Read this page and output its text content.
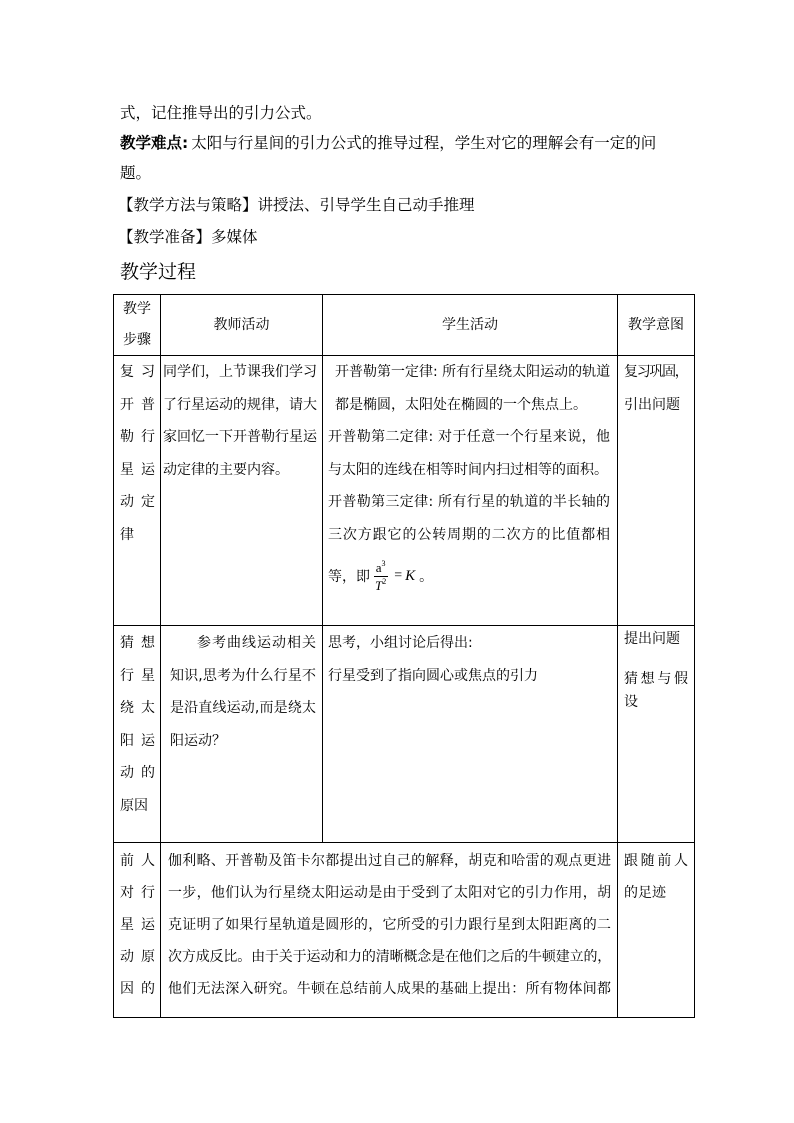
式，记住推导出的引力公式。
教学难点: 太阳与行星间的引力公式的推导过程，学生对它的理解会有一定的问
题。
【教学方法与策略】讲授法、引导学生自己动手推理
【教学准备】多媒体
教学过程
教学步骤
教师活动	学生活动	教学意图
复习开普勒行星运动定律
同学们，上节课我们学习
了行星运动的规律，请大
家回忆一下开普勒行星运
动定律的主要内容。
开普勒第一定律: 所有行星绕太阳运动的轨道
都是椭圆，太阳处在椭圆的一个焦点上。
开普勒第二定律: 对于任意一个行星来说，他
与太阳的连线在相等时间内扫过相等的面积。
开普勒第三定律: 所有行星的轨道的半长轴的
三次方跟它的公转周期的二次方的比值都相
等，即 $\frac{a^3}{T^2} = K$ 。
复习巩固，
引出问题
猜想行星绕太阳运动的原因
参考曲线运动相关
知识,思考为什么行星不
是沿直线运动,而是绕太
阳运动？
思考，小组讨论后得出:
行星受到了指向圆心或焦点的引力
提出问题
猜想与假
设
前人对行星运动原因的
伽利略、开普勒及笛卡尔都提出过自己的解释，胡克和哈雷的观点更进
一步，他们认为行星绕太阳运动是由于受到了太阳对它的引力作用，胡
克证明了如果行星轨道是圆形的，它所受的引力跟行星到太阳距离的二
次方成反比。由于关于运动和力的清晰概念是在他们之后的牛顿建立的，
他们无法深入研究。牛顿在总结前人成果的基础上提出：所有物体间都
跟随前人
的足迹
